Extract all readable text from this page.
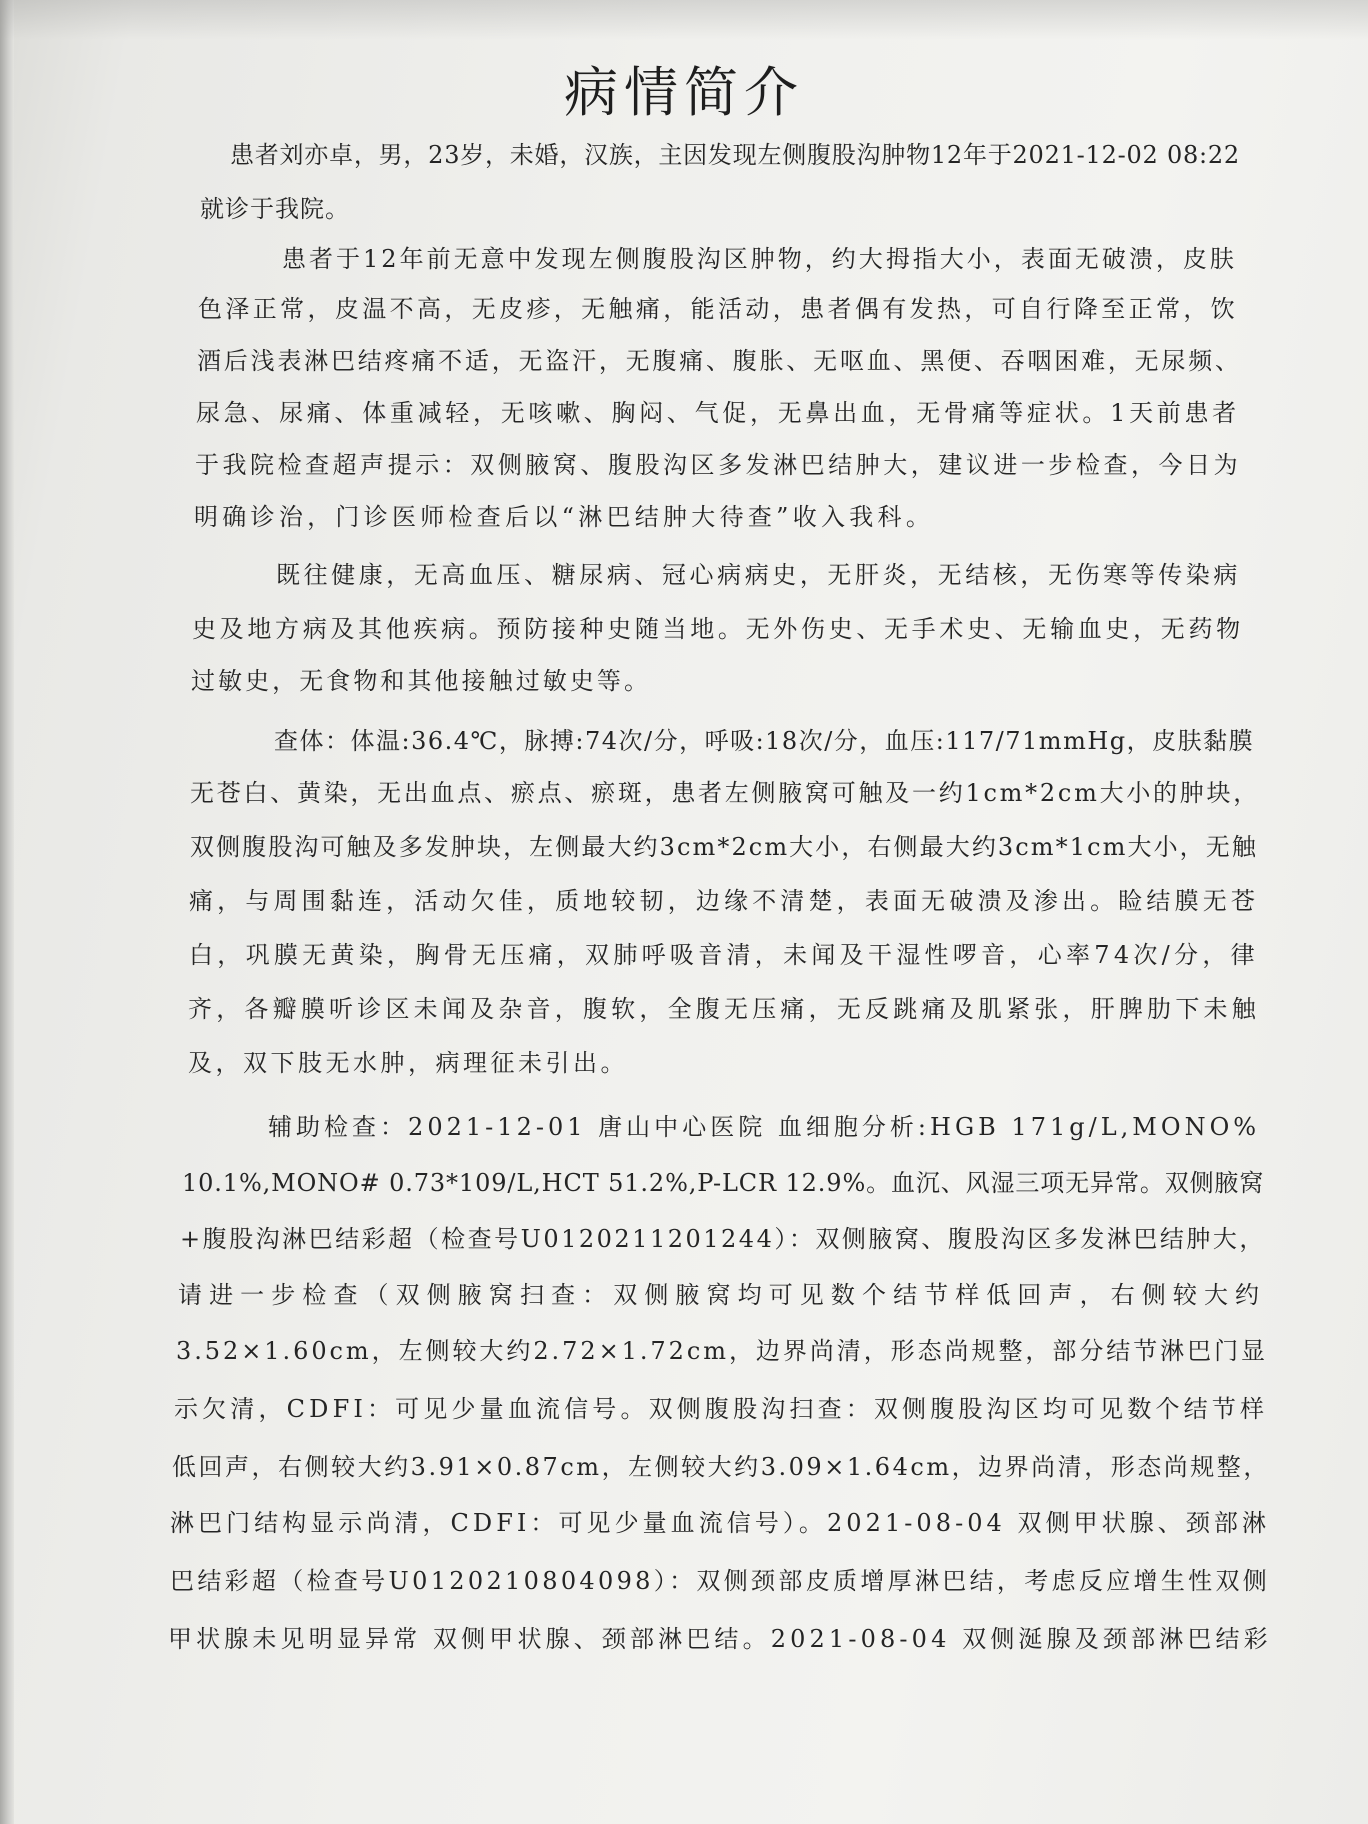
病情简介
患者刘亦卓，男，23岁，未婚，汉族，主因发现左侧腹股沟肿物12年于2021-12-02 08:22
就诊于我院。
患者于12年前无意中发现左侧腹股沟区肿物，约大拇指大小，表面无破溃，皮肤
色泽正常，皮温不高，无皮疹，无触痛，能活动，患者偶有发热，可自行降至正常，饮
酒后浅表淋巴结疼痛不适，无盗汗，无腹痛、腹胀、无呕血、黑便、吞咽困难，无尿频、
尿急、尿痛、体重减轻，无咳嗽、胸闷、气促，无鼻出血，无骨痛等症状。1天前患者
于我院检查超声提示：双侧腋窝、腹股沟区多发淋巴结肿大，建议进一步检查，今日为
明确诊治，门诊医师检查后以“淋巴结肿大待查”收入我科。
既往健康，无高血压、糖尿病、冠心病病史，无肝炎，无结核，无伤寒等传染病
史及地方病及其他疾病。预防接种史随当地。无外伤史、无手术史、无输血史，无药物
过敏史，无食物和其他接触过敏史等。
查体：体温:36.4℃，脉搏:74次/分，呼吸:18次/分，血压:117/71mmHg，皮肤黏膜
无苍白、黄染，无出血点、瘀点、瘀斑，患者左侧腋窝可触及一约1cm*2cm大小的肿块，
双侧腹股沟可触及多发肿块，左侧最大约3cm*2cm大小，右侧最大约3cm*1cm大小，无触
痛，与周围黏连，活动欠佳，质地较韧，边缘不清楚，表面无破溃及渗出。睑结膜无苍
白，巩膜无黄染，胸骨无压痛，双肺呼吸音清，未闻及干湿性啰音，心率74次/分，律
齐，各瓣膜听诊区未闻及杂音，腹软，全腹无压痛，无反跳痛及肌紧张，肝脾肋下未触
及，双下肢无水肿，病理征未引出。
辅助检查：2021-12-01 唐山中心医院 血细胞分析:HGB 171g/L,MONO%
10.1%,MONO# 0.73*109/L,HCT 51.2%,P-LCR 12.9%。血沉、风湿三项无异常。双侧腋窝
+腹股沟淋巴结彩超（检查号U0120211201244）：双侧腋窝、腹股沟区多发淋巴结肿大，
请进一步检查（双侧腋窝扫查：双侧腋窝均可见数个结节样低回声，右侧较大约
3.52×1.60cm，左侧较大约2.72×1.72cm，边界尚清，形态尚规整，部分结节淋巴门显
示欠清，CDFI：可见少量血流信号。双侧腹股沟扫查：双侧腹股沟区均可见数个结节样
低回声，右侧较大约3.91×0.87cm，左侧较大约3.09×1.64cm，边界尚清，形态尚规整，
淋巴门结构显示尚清，CDFI：可见少量血流信号）。2021-08-04 双侧甲状腺、颈部淋
巴结彩超（检查号U0120210804098）：双侧颈部皮质增厚淋巴结，考虑反应增生性双侧
甲状腺未见明显异常 双侧甲状腺、颈部淋巴结。2021-08-04 双侧涎腺及颈部淋巴结彩
